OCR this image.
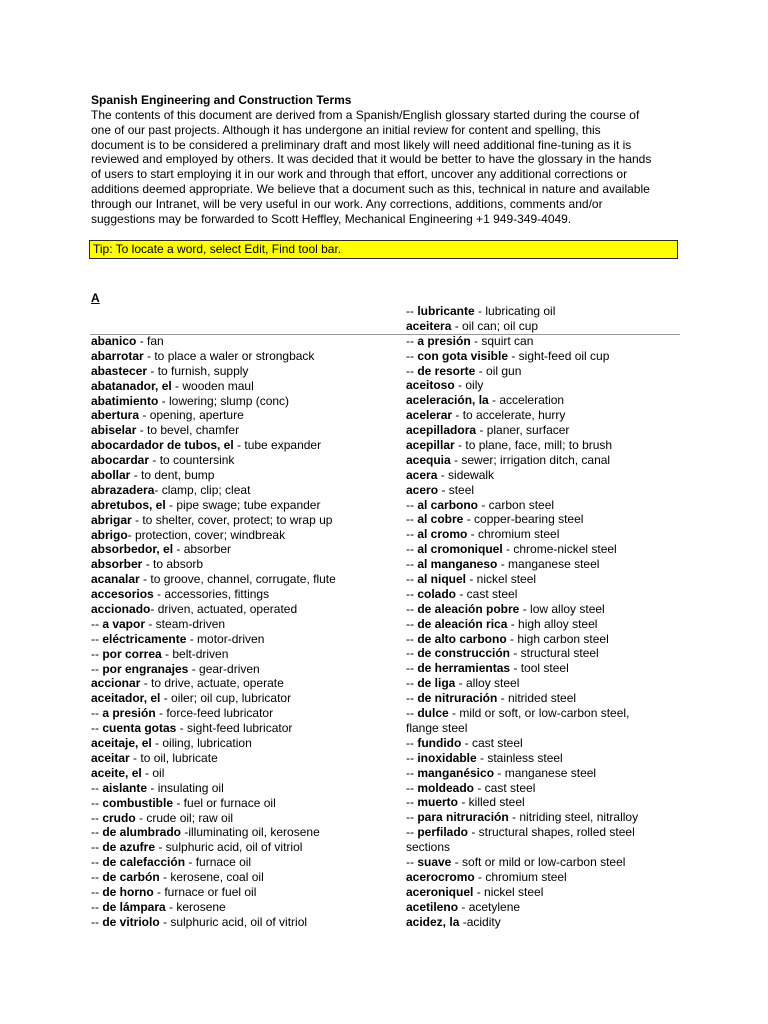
Spanish Engineering and Construction Terms
The contents of this document are derived from a Spanish/English glossary started during the course of
one of our past projects. Although it has undergone an initial review for content and spelling, this
document is to be considered a preliminary draft and most likely will need additional fine-tuning as it is
reviewed and employed by others. It was decided that it would be better to have the glossary in the hands
of users to start employing it in our work and through that effort, uncover any additional corrections or
additions deemed appropriate. We believe that a document such as this, technical in nature and available
through our Intranet, will be very useful in our work. Any corrections, additions, comments and/or
suggestions may be forwarded to Scott Heffley, Mechanical Engineering +1 949-349-4049.
Tip: To locate a word, select Edit, Find tool bar.
A
abanico - fan
abarrotar - to place a waler or strongback
abastecer - to furnish, supply
abatanador, el - wooden maul
abatimiento - lowering; slump (conc)
abertura - opening, aperture
abiselar - to bevel, chamfer
abocardador de tubos, el - tube expander
abocardar - to countersink
abollar - to dent, bump
abrazadera- clamp, clip; cleat
abretubos, el - pipe swage; tube expander
abrigar - to shelter, cover, protect; to wrap up
abrigo- protection, cover; windbreak
absorbedor, el - absorber
absorber - to absorb
acanalar - to groove, channel, corrugate, flute
accesorios - accessories, fittings
accionado- driven, actuated, operated
-- a vapor - steam-driven
-- eléctricamente - motor-driven
-- por correa - belt-driven
-- por engranajes - gear-driven
accionar - to drive, actuate, operate
aceitador, el - oiler; oil cup, lubricator
-- a presión - force-feed lubricator
-- cuenta gotas - sight-feed lubricator
aceitaje, el - oiling, lubrication
aceitar - to oil, lubricate
aceite, el - oil
-- aislante - insulating oil
-- combustible - fuel or furnace oil
-- crudo - crude oil; raw oil
-- de alumbrado -illuminating oil, kerosene
-- de azufre - sulphuric acid, oil of vitriol
-- de calefacción - furnace oil
-- de carbón - kerosene, coal oil
-- de horno - furnace or fuel oil
-- de lámpara - kerosene
-- de vitriolo - sulphuric acid, oil of vitriol
-- lubricante - lubricating oil
aceitera - oil can; oil cup
-- a presión - squirt can
-- con gota visible - sight-feed oil cup
-- de resorte - oil gun
aceitoso - oily
aceleración, la - acceleration
acelerar - to accelerate, hurry
acepilladora - planer, surfacer
acepillar - to plane, face, mill; to brush
acequia - sewer; irrigation ditch, canal
acera - sidewalk
acero - steel
-- al carbono - carbon steel
-- al cobre - copper-bearing steel
-- al cromo - chromium steel
-- al cromoniquel - chrome-nickel steel
-- al manganeso - manganese steel
-- al niquel - nickel steel
-- colado - cast steel
-- de aleación pobre - low alloy steel
-- de aleación rica - high alloy steel
-- de alto carbono - high carbon steel
-- de construcción - structural steel
-- de herramientas - tool steel
-- de liga - alloy steel
-- de nitruración - nitrided steel
-- dulce - mild or soft, or low-carbon steel,
flange steel
-- fundido - cast steel
-- inoxidable - stainless steel
-- manganésico - manganese steel
-- moldeado - cast steel
-- muerto - killed steel
-- para nitruración - nitriding steel, nitralloy
-- perfilado - structural shapes, rolled steel
sections
-- suave - soft or mild or low-carbon steel
acerocromo - chromium steel
aceroniquel - nickel steel
acetileno - acetylene
acidez, la -acidity
